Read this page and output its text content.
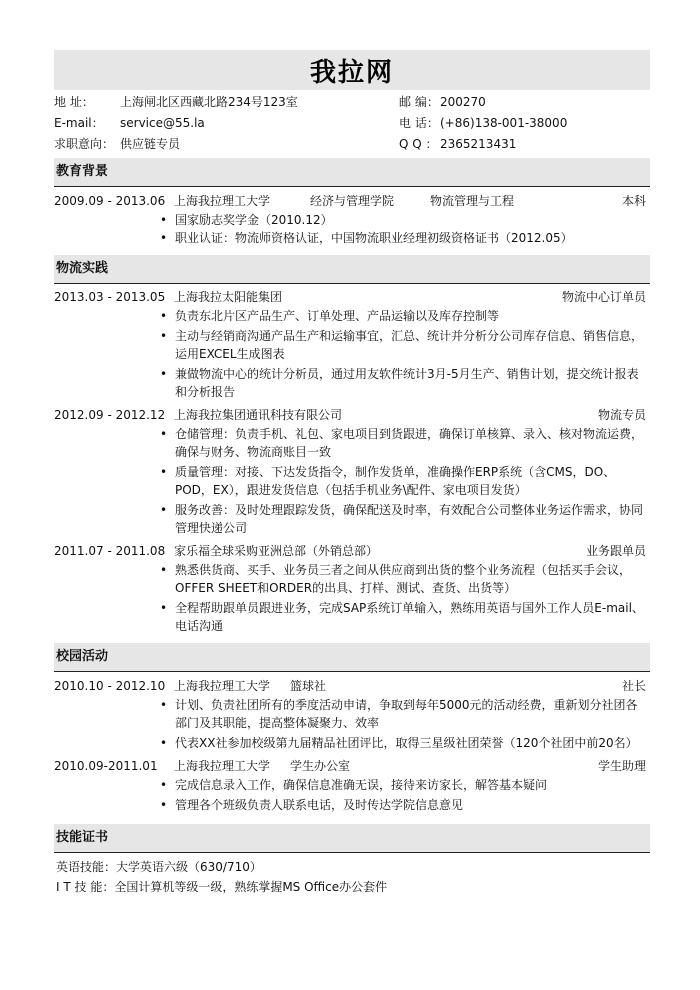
我拉网
地 址： 上海闸北区西藏北路234号123室	邮 编： 200270
E-mail： service@55.la	电 话： (+86)138-001-38000
求职意向： 供应链专员	Q Q ： 2365213431
教育背景
2009.09 - 2013.06 上海我拉理工大学	经济与管理学院	物流管理与工程	本科
• 国家励志奖学金（2010.12）
• 职业认证：物流师资格认证，中国物流职业经理初级资格证书（2012.05）
物流实践
2013.03 - 2013.05 上海我拉太阳能集团	物流中心订单员
• 负责东北片区产品生产、订单处理、产品运输以及库存控制等
• 主动与经销商沟通产品生产和运输事宜，汇总、统计并分析分公司库存信息、销售信息，运用EXCEL生成图表
• 兼做物流中心的统计分析员，通过用友软件统计3月-5月生产、销售计划，提交统计报表和分析报告
2012.09 - 2012.12 上海我拉集团通讯科技有限公司	物流专员
• 仓储管理：负责手机、礼包、家电项目到货跟进，确保订单核算、录入、核对物流运费，确保与财务、物流商账目一致
• 质量管理：对接、下达发货指令，制作发货单，准确操作ERP系统（含CMS，DO、POD，EX），跟进发货信息（包括手机业务\配件、家电项目发货）
• 服务改善：及时处理跟踪发货，确保配送及时率，有效配合公司整体业务运作需求，协同管理快递公司
2011.07 - 2011.08 家乐福全球采购亚洲总部（外销总部）	业务跟单员
• 熟悉供货商、买手、业务员三者之间从供应商到出货的整个业务流程（包括买手会议，OFFER SHEET和ORDER的出具、打样、测试、查货、出货等）
• 全程帮助跟单员跟进业务，完成SAP系统订单输入，熟练用英语与国外工作人员E-mail、电话沟通
校园活动
2010.10 - 2012.10 上海我拉理工大学 篮球社	社长
• 计划、负责社团所有的季度活动申请，争取到每年5000元的活动经费，重新划分社团各部门及其职能，提高整体凝聚力、效率
• 代表XX社参加校级第九届精品社团评比，取得三星级社团荣誉（120个社团中前20名）
2010.09-2011.01 上海我拉理工大学 学生办公室	学生助理
• 完成信息录入工作，确保信息准确无误，接待来访家长，解答基本疑问
• 管理各个班级负责人联系电话，及时传达学院信息意见
技能证书
英语技能：大学英语六级（630/710）
I T 技 能：全国计算机等级一级，熟练掌握MS Office办公套件
